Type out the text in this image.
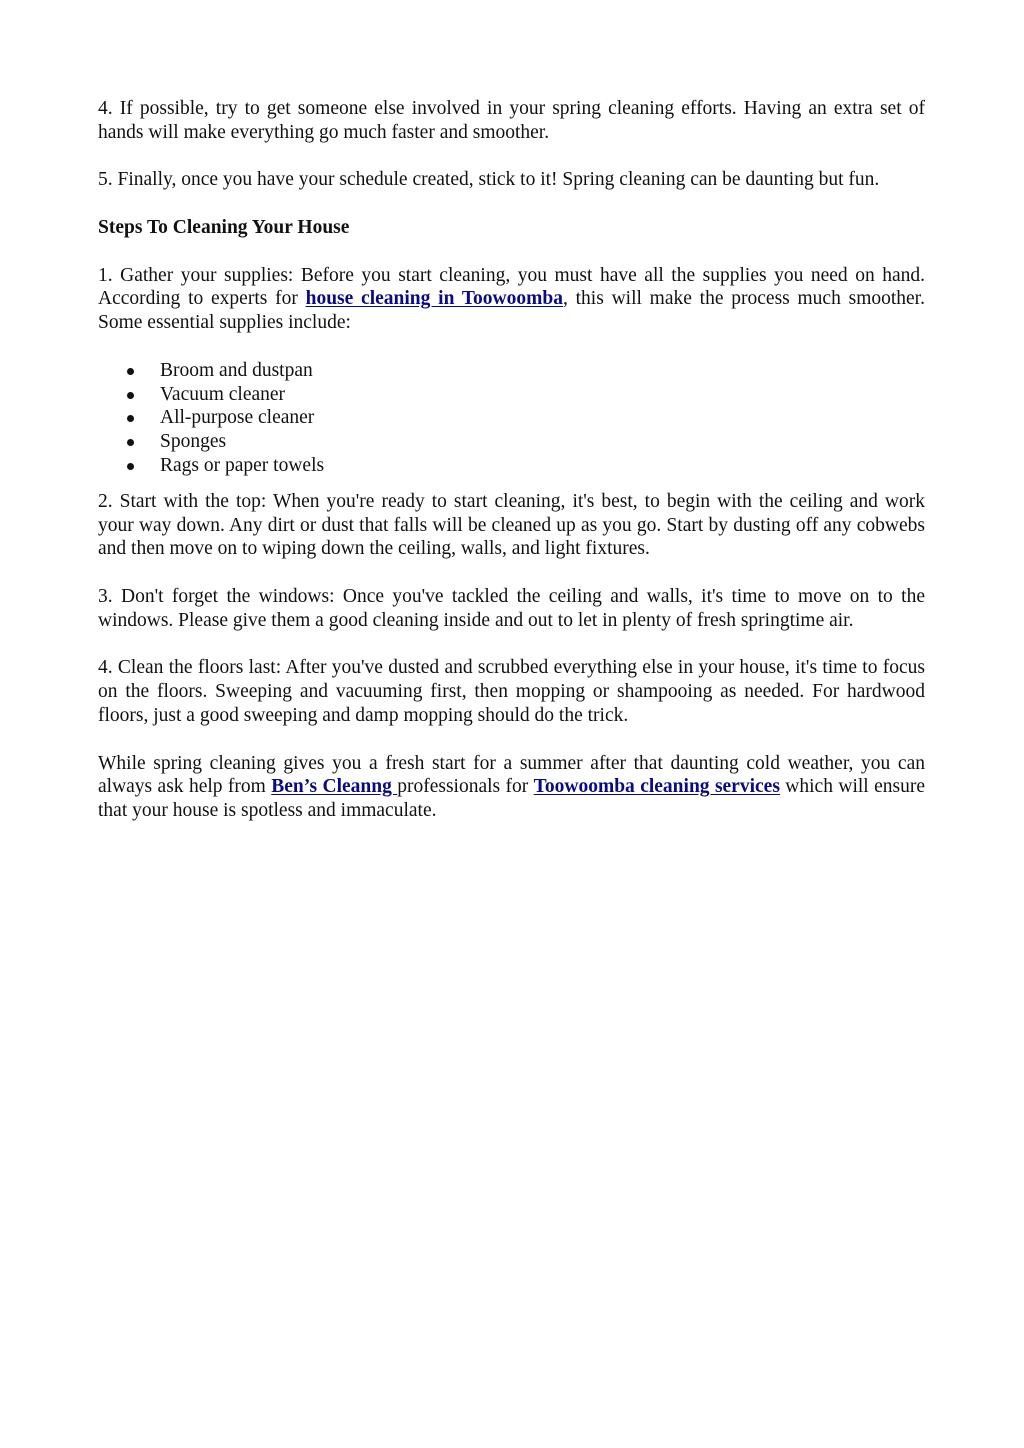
4. If possible, try to get someone else involved in your spring cleaning efforts. Having an extra set of hands will make everything go much faster and smoother.

5. Finally, once you have your schedule created, stick to it! Spring cleaning can be daunting but fun.

Steps To Cleaning Your House

1. Gather your supplies: Before you start cleaning, you must have all the supplies you need on hand. According to experts for house cleaning in Toowoomba, this will make the process much smoother. Some essential supplies include:

Broom and dustpan
Vacuum cleaner
All-purpose cleaner
Sponges
Rags or paper towels

2. Start with the top: When you're ready to start cleaning, it's best, to begin with the ceiling and work your way down. Any dirt or dust that falls will be cleaned up as you go. Start by dusting off any cobwebs and then move on to wiping down the ceiling, walls, and light fixtures.

3. Don't forget the windows: Once you've tackled the ceiling and walls, it's time to move on to the windows. Please give them a good cleaning inside and out to let in plenty of fresh springtime air.

4. Clean the floors last: After you've dusted and scrubbed everything else in your house, it's time to focus on the floors. Sweeping and vacuuming first, then mopping or shampooing as needed. For hardwood floors, just a good sweeping and damp mopping should do the trick.

While spring cleaning gives you a fresh start for a summer after that daunting cold weather, you can always ask help from Ben’s Cleanng professionals for Toowoomba cleaning services which will ensure that your house is spotless and immaculate.
